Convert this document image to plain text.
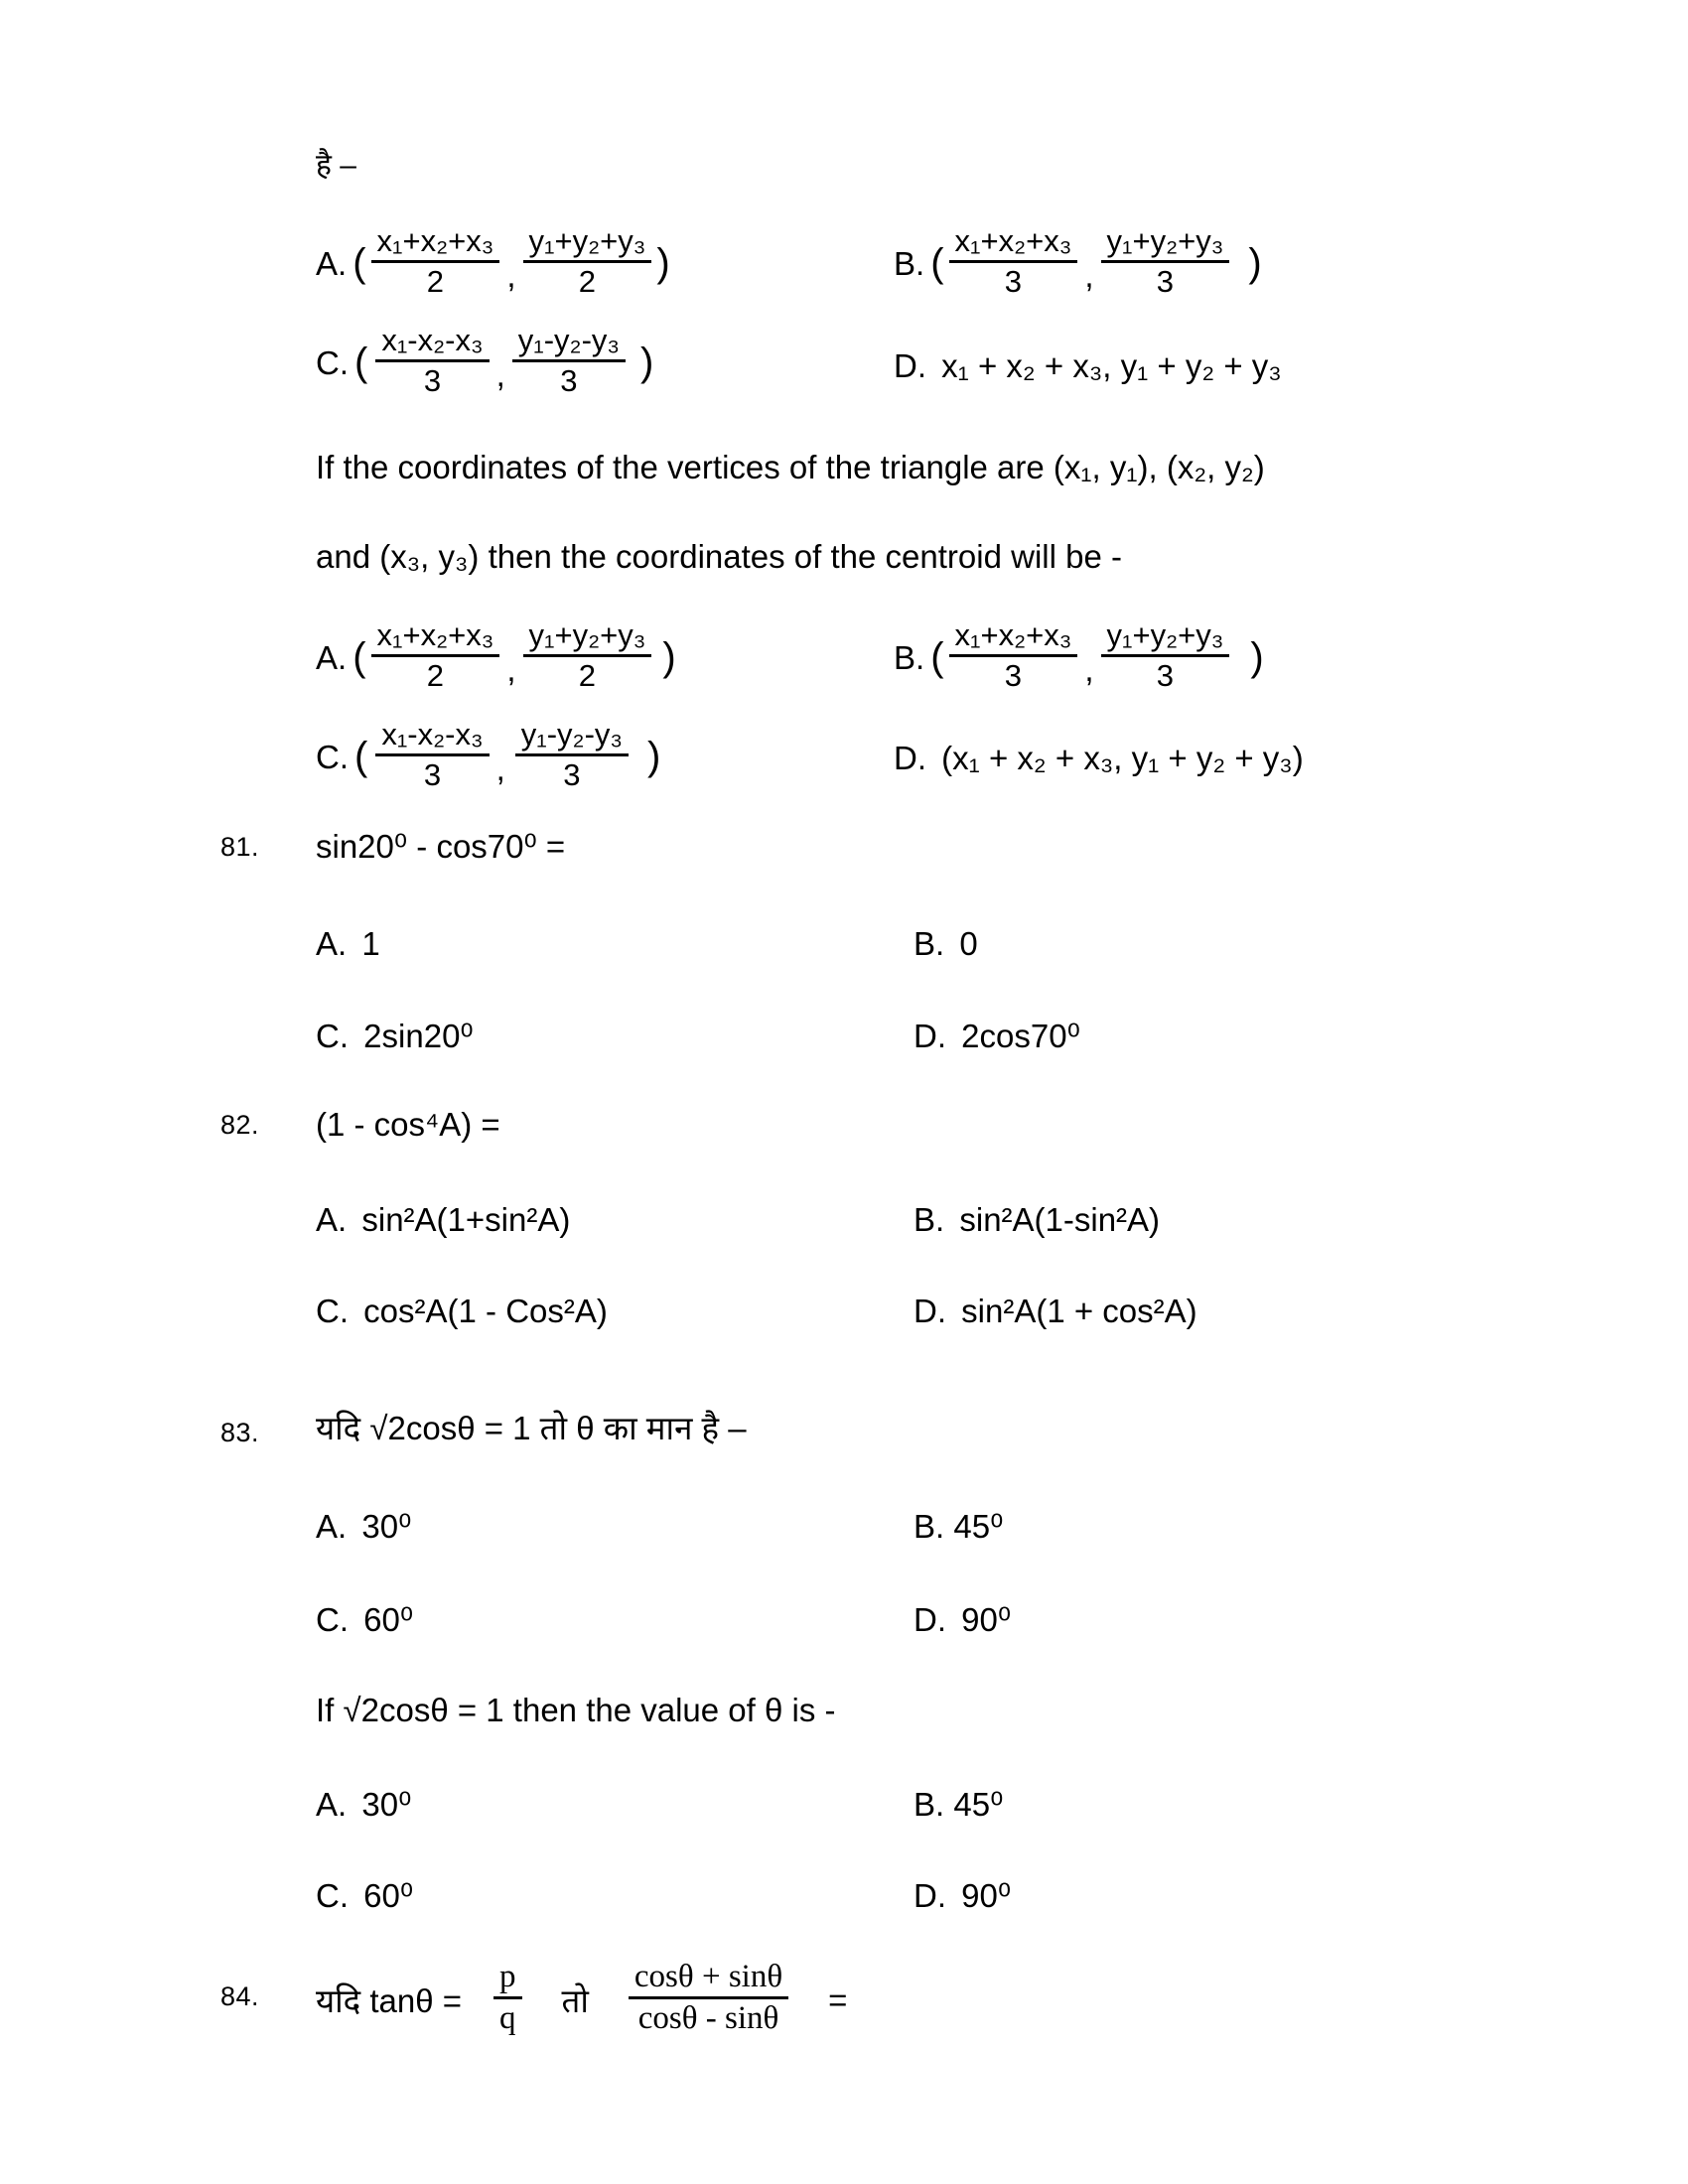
है –
A. ( $\frac{\text{x₁+x₂+x₃}}{2}$ , $\frac{\text{y₁+y₂+y₃}}{2}$ )	B. ( $\frac{\text{x₁+x₂+x₃}}{3}$ , $\frac{\text{y₁+y₂+y₃}}{3}$ )
C. ( $\frac{\text{x₁-x₂-x₃}}{3}$ , $\frac{\text{y₁-y₂-y₃}}{3}$ )	D. x₁ + x₂ + x₃, y₁ + y₂ + y₃
If the coordinates of the vertices of the triangle are (x₁, y₁), (x₂, y₂)
and (x₃, y₃) then the coordinates of the centroid will be -
A. ( $\frac{\text{x₁+x₂+x₃}}{2}$ , $\frac{\text{y₁+y₂+y₃}}{2}$ )	B. ( $\frac{\text{x₁+x₂+x₃}}{3}$ , $\frac{\text{y₁+y₂+y₃}}{3}$ )
C. ( $\frac{\text{x₁-x₂-x₃}}{3}$ , $\frac{\text{y₁-y₂-y₃}}{3}$ )	D. (x₁ + x₂ + x₃, y₁ + y₂ + y₃)
81. sin20⁰ - cos70⁰ =
A. 1	B. 0
C. 2sin20⁰	D. 2cos70⁰
82. (1 - cos⁴A) =
A. sin²A(1+sin²A)	B. sin²A(1-sin²A)
C. cos²A(1 - Cos²A)	D. sin²A(1 + cos²A)
83. यदि √2cosθ = 1 तो θ का मान है –
A. 30⁰	B. 45⁰
C. 60⁰	D. 90⁰
If √2cosθ = 1 then the value of θ is -
A. 30⁰	B. 45⁰
C. 60⁰	D. 90⁰
84. यदि $\tan\theta = \frac{p}{q}$ तो $\frac{\cos\theta + \sin\theta}{\cos\theta - \sin\theta}$ =
